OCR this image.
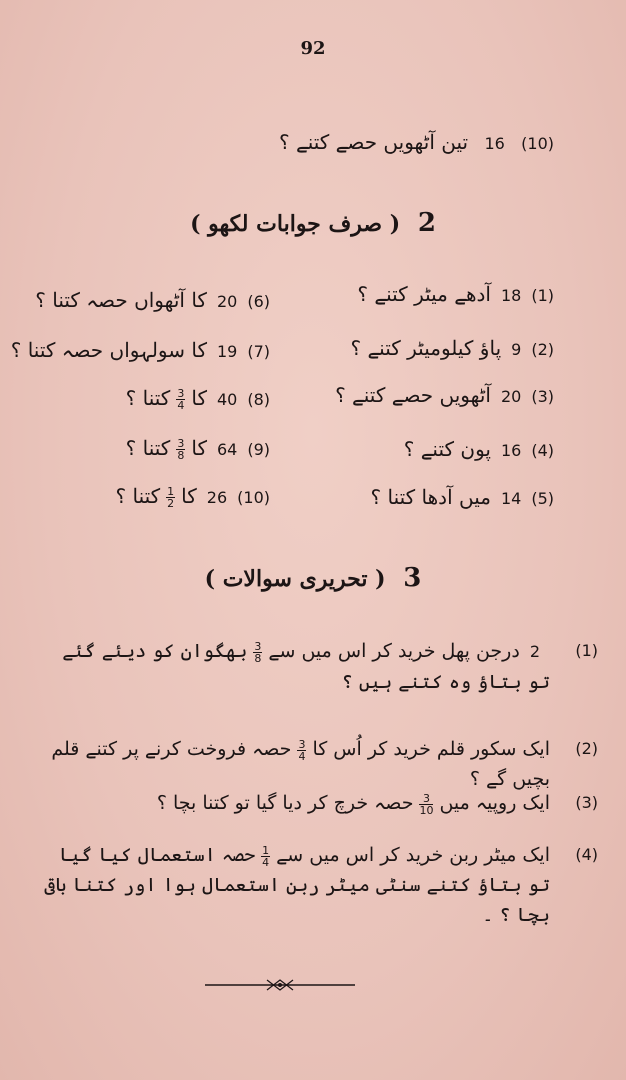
92
(10) 16 تین آٹھویں حصے کتنے ؟
2 ( صرف جوابات لکھو )
(1)18آدھے میٹر کتنے ؟
(2)9پاؤ کیلومیٹر کتنے ؟
(3)20آٹھویں حصے کتنے ؟
(4)16پون کتنے ؟
(5)14میں آدھا کتنا ؟
(6)20کا آٹھواں حصہ کتنا ؟
(7)19کا سولہواں حصہ کتنا ؟
(8)40کا
$\frac{3}{4}$
کتنا ؟
(9)64کا
$\frac{3}{8}$
کتنا ؟
(10)26کا
$\frac{1}{2}$
کتنا ؟
3 ( تحریری سوالات )
(1)
2درجن پھل خرید کر اس میں سے
$\frac{3}{8}$
بھگوان کو دیئے گئے تو بتاؤ وہ کتنے ہیں ؟
(2)
ایک سکور قلم خرید کر اُس کا
$\frac{3}{4}$
حصہ فروخت کرنے پر کتنے قلم بچیں گے ؟
(3)
ایک روپیہ میں
$\frac{3}{10}$
حصہ خرچ کر دیا گیا تو کتنا بچا ؟
(4)
ایک میٹر ربن خرید کر اس میں سے
$\frac{1}{4}$
حصہ استعمال کیا گیا تو بتاؤ کتنے سنٹی میٹر ربن استعمال ہوا اور کتنا باقی بچا ؟ ۔
